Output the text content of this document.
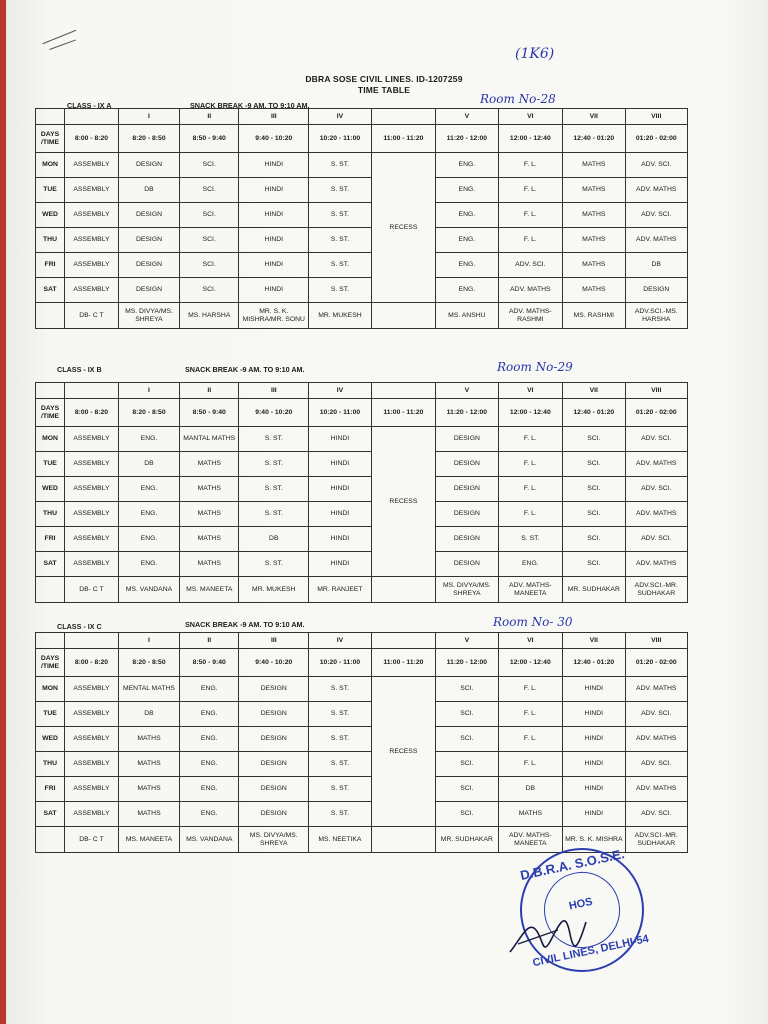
(1K6)
DBRA SOSE CIVIL LINES. ID-1207259
TIME TABLE
CLASS - IX A	SNACK BREAK -9 AM. TO 9:10 AM.	Room No-28
		I	II	III	IV		V	VI	VII	VIII
DAYS /TIME	8:00 - 8:20	8:20 - 8:50	8:50 - 9:40	9:40 - 10:20	10:20 - 11:00	11:00 - 11:20	11:20 - 12:00	12:00 - 12:40	12:40 - 01:20	01:20 - 02:00
MON	ASSEMBLY	DESIGN	SCI.	HINDI	S. ST.	RECESS	ENG.	F. L.	MATHS	ADV. SCI.
TUE	ASSEMBLY	DB	SCI.	HINDI	S. ST.		ENG.	F. L.	MATHS	ADV. MATHS
WED	ASSEMBLY	DESIGN	SCI.	HINDI	S. ST.		ENG.	F. L.	MATHS	ADV. SCI.
THU	ASSEMBLY	DESIGN	SCI.	HINDI	S. ST.		ENG.	F. L.	MATHS	ADV. MATHS
FRI	ASSEMBLY	DESIGN	SCI.	HINDI	S. ST.		ENG.	ADV. SCI.	MATHS	DB
SAT	ASSEMBLY	DESIGN	SCI.	HINDI	S. ST.		ENG.	ADV. MATHS	MATHS	DESIGN
	DB- C T	MS. DIVYA/MS. SHREYA	MS. HARSHA	MR. S. K. MISHRA/MR. SONU	MR. MUKESH		MS. ANSHU	ADV. MATHS- RASHMI	MS. RASHMI	ADV.SCI.-MS. HARSHA
CLASS - IX B	SNACK BREAK -9 AM. TO 9:10 AM.	Room No-29
		I	II	III	IV		V	VI	VII	VIII
DAYS /TIME	8:00 - 8:20	8:20 - 8:50	8:50 - 9:40	9:40 - 10:20	10:20 - 11:00	11:00 - 11:20	11:20 - 12:00	12:00 - 12:40	12:40 - 01:20	01:20 - 02:00
MON	ASSEMBLY	ENG.	MANTAL MATHS	S. ST.	HINDI	RECESS	DESIGN	F. L.	SCI.	ADV. SCI.
TUE	ASSEMBLY	DB	MATHS	S. ST.	HINDI		DESIGN	F. L.	SCI.	ADV. MATHS
WED	ASSEMBLY	ENG.	MATHS	S. ST.	HINDI		DESIGN	F. L.	SCI.	ADV. SCI.
THU	ASSEMBLY	ENG.	MATHS	S. ST.	HINDI		DESIGN	F. L.	SCI.	ADV. MATHS
FRI	ASSEMBLY	ENG.	MATHS	DB	HINDI		DESIGN	S. ST.	SCI.	ADV. SCI.
SAT	ASSEMBLY	ENG.	MATHS	S. ST.	HINDI		DESIGN	ENG.	SCI.	ADV. MATHS
	DB- C T	MS. VANDANA	MS. MANEETA	MR. MUKESH	MR. RANJEET		MS. DIVYA/MS. SHREYA	ADV. MATHS- MANEETA	MR. SUDHAKAR	ADV.SCI.-MR. SUDHAKAR
CLASS - IX C	SNACK BREAK -9 AM. TO 9:10 AM.	Room No- 30
		I	II	III	IV		V	VI	VII	VIII
DAYS /TIME	8:00 - 8:20	8:20 - 8:50	8:50 - 9:40	9:40 - 10:20	10:20 - 11:00	11:00 - 11:20	11:20 - 12:00	12:00 - 12:40	12:40 - 01:20	01:20 - 02:00
MON	ASSEMBLY	MENTAL MATHS	ENG.	DESIGN	S. ST.	RECESS	SCI.	F. L.	HINDI	ADV. MATHS
TUE	ASSEMBLY	DB	ENG.	DESIGN	S. ST.		SCI.	F. L.	HINDI	ADV. SCI.
WED	ASSEMBLY	MATHS	ENG.	DESIGN	S. ST.		SCI.	F. L.	HINDI	ADV. MATHS
THU	ASSEMBLY	MATHS	ENG.	DESIGN	S. ST.		SCI.	F. L.	HINDI	ADV. SCI.
FRI	ASSEMBLY	MATHS	ENG.	DESIGN	S. ST.		SCI.	DB	HINDI	ADV. MATHS
SAT	ASSEMBLY	MATHS	ENG.	DESIGN	S. ST.		SCI.	MATHS	HINDI	ADV. SCI.
	DB- C T	MS. MANEETA	MS. VANDANA	MS. DIVYA/MS. SHREYA	MS. NEETIKA		MR. SUDHAKAR	ADV. MATHS- MANEETA	MR. S. K. MISHRA	ADV.SCI.-MR. SUDHAKAR
D.B.R.A. S.O.S.E.
HOS
CIVIL LINES, DELHI-54
